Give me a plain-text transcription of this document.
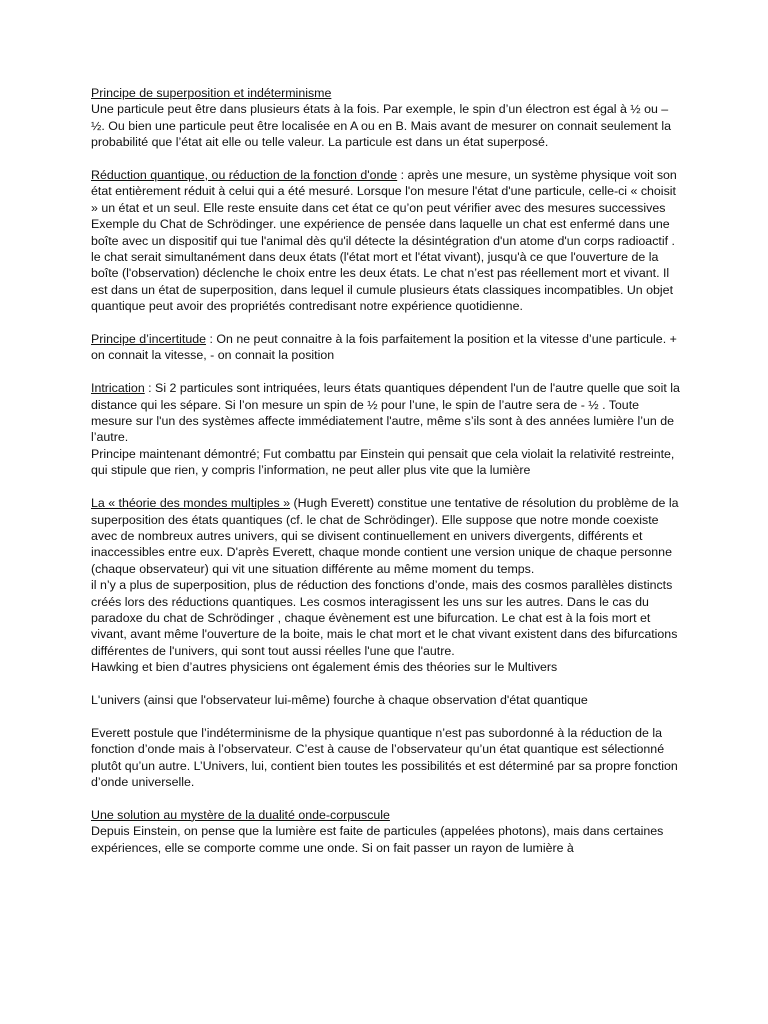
Principe de superposition et indéterminisme

Une particule peut être dans plusieurs états à la fois. Par exemple, le spin d’un électron est égal à ½ ou – ½. Ou bien une particule peut être localisée en A ou en B. Mais avant de mesurer on connait seulement la probabilité que l’état ait elle ou telle valeur. La particule est dans un état superposé.

Réduction quantique, ou réduction de la fonction d'onde : après une mesure, un système physique voit son état entièrement réduit à celui qui a été mesuré. Lorsque l'on mesure l'état d'une particule, celle-ci « choisit » un état et un seul. Elle reste ensuite dans cet état ce qu’on peut vérifier avec des mesures successives

Exemple du Chat de Schrödinger. une expérience de pensée dans laquelle un chat est enfermé dans une boîte avec un dispositif qui tue l'animal dès qu'il détecte la désintégration d'un atome d'un corps radioactif . le chat serait simultanément dans deux états (l'état mort et l'état vivant), jusqu'à ce que l'ouverture de la boîte (l'observation) déclenche le choix entre les deux états. Le chat n’est pas réellement mort et vivant. Il est dans un état de superposition, dans lequel il cumule plusieurs états classiques incompatibles. Un objet quantique peut avoir des propriétés contredisant notre expérience quotidienne.

Principe d’incertitude : On ne peut connaitre à la fois parfaitement la position et la vitesse d’une particule. + on connait la vitesse, - on connait la position

Intrication : Si 2 particules sont intriquées, leurs états quantiques dépendent l'un de l'autre quelle que soit la distance qui les sépare. Si l’on mesure un spin de ½ pour l’une, le spin de l’autre sera de - ½ . Toute mesure sur l'un des systèmes affecte immédiatement l'autre, même s’ils sont à des années lumière l’un de l’autre.

Principe maintenant démontré; Fut combattu par Einstein qui pensait que cela violait la relativité restreinte, qui stipule que rien, y compris l’information, ne peut aller plus vite que la lumière

La « théorie des mondes multiples » (Hugh Everett) constitue une tentative de résolution du problème de la superposition des états quantiques (cf. le chat de Schrödinger). Elle suppose que notre monde coexiste avec de nombreux autres univers, qui se divisent continuellement en univers divergents, différents et inaccessibles entre eux. D'après Everett, chaque monde contient une version unique de chaque personne (chaque observateur) qui vit une situation différente au même moment du temps.

il n’y a plus de superposition, plus de réduction des fonctions d’onde, mais des cosmos parallèles distincts créés lors des réductions quantiques. Les cosmos interagissent les uns sur les autres. Dans le cas du paradoxe du chat de Schrödinger , chaque évènement est une bifurcation. Le chat est à la fois mort et vivant, avant même l'ouverture de la boite, mais le chat mort et le chat vivant existent dans des bifurcations différentes de l'univers, qui sont tout aussi réelles l'une que l'autre.

Hawking et bien d’autres physiciens ont également émis des théories sur le Multivers

L'univers (ainsi que l'observateur lui-même) fourche à chaque observation d'état quantique

Everett postule que l’indéterminisme de la physique quantique n’est pas subordonné à la réduction de la fonction d’onde mais à l’observateur. C’est à cause de l’observateur qu’un état quantique est sélectionné plutôt qu’un autre. L’Univers, lui, contient bien toutes les possibilités et est déterminé par sa propre fonction d’onde universelle.

Une solution au mystère de la dualité onde-corpuscule

Depuis Einstein, on pense que la lumière est faite de particules (appelées photons), mais dans certaines expériences, elle se comporte comme une onde. Si on fait passer un rayon de lumière à
